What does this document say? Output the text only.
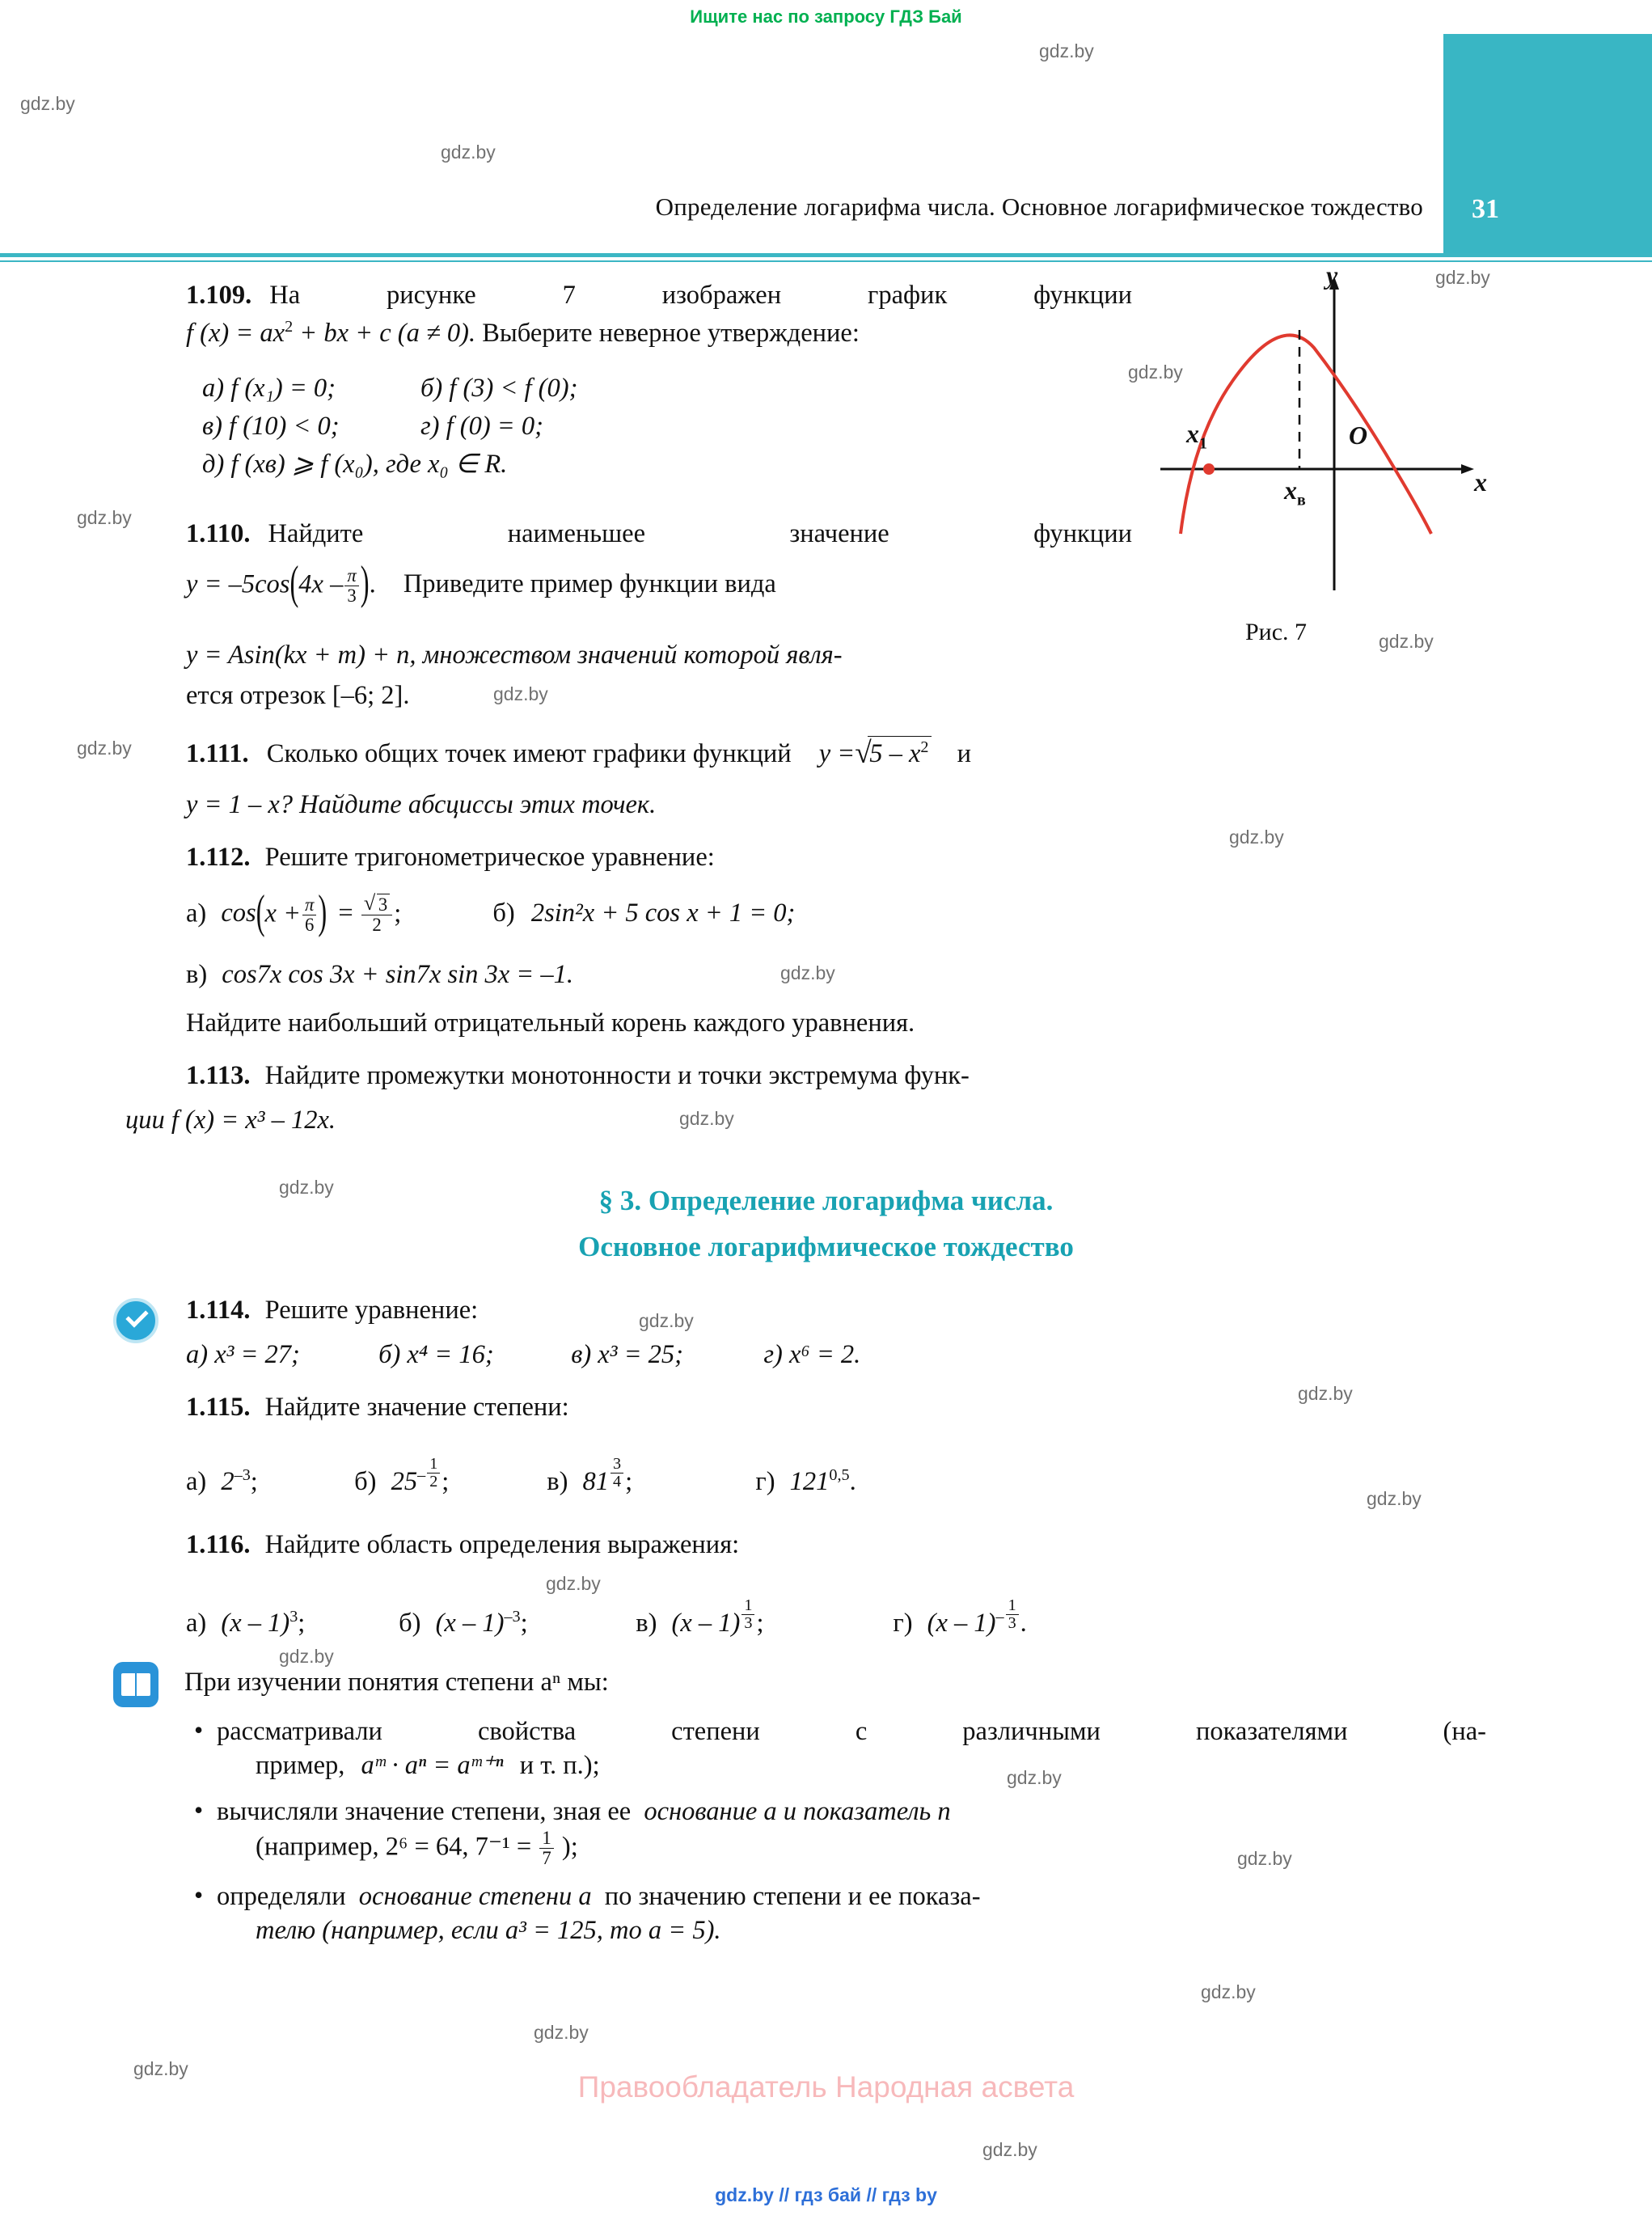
Ищите нас по запросу ГДЗ Бай
31
Определение логарифма числа. Основное логарифмическое тождество
1.109. На рисунке 7 изображен график функции
f $(x) = ax^2$ + bx + c (a ≠ 0). Выберите неверное утверждение:
а) f (x₁) = 0;	б) f (3) < f (0);
в) f (10) < 0;	г) f (0) = 0;
д) f (xв) ⩾ f (x₀), где x₀ ∈ R.
y
x
O
$x_1$
$x_в$
Рис. 7
1.110. Найдите наименьшее значение функции
$y = -5\cos(4x - \frac{\pi}{3}$ ). Приведите пример функции вида
y = Asin(kx + m) + n, множеством значений которой явля-
ется отрезок [–6; 2].
1.111. Сколько общих точек имеют графики функций y = √ $5 - x^2$ и
y = 1 – x? Найдите абсциссы этих точек.
1.112. Решите тригонометрическое уравнение:
а) $\cos(x + \frac{\pi}{6}$ ) = √ $\frac{3}{2}$ ;	б) 2sin²x + 5 cos x + 1 = 0;
в) cos7x cos 3x + sin7x sin 3x = –1.
Найдите наибольший отрицательный корень каждого уравнения.
1.113. Найдите промежутки монотонности и точки экстремума функ-
ции f (x) = x³ – 12x.
§ 3. Определение логарифма числа.
Основное логарифмическое тождество
1.114. Решите уравнение:
а) x³ = 27;	б) x⁴ = 16;	в) x³ = 25;	г) x⁶ = 2.
1.115. Найдите значение степени:
а) $2^{-3}$;	б) $25^{- \frac{1}{2}}$ ;	в) 81 $^{\frac{3}{4}}$ ;	г) 121$^{0,5}$.
1.116. Найдите область определения выражения:
а) (x – 1)$^3$;	б) (x – 1)$^{-3}$;	в) (x – 1) $^{\frac{1}{3}}$ ;	г) (x – 1)$^{- \frac{1}{3}}$ .
При изучении понятия степени aⁿ мы:
• рассматривали свойства степени с различными показателями (на-
пример, aᵐ · aⁿ = aᵐ⁺ⁿ и т. п.);
• вычисляли значение степени, зная ее основание a и показатель n
(например, 2⁶ = 64, $7^{-1} = \frac{1}{7}$ );
• определяли основание степени a по значению степени и ее показа-
телю (например, если a³ = 125, то a = 5).
Правообладатель Народная асвета
gdz.by // гдз бай // гдз by
gdz.by
gdz.by
gdz.by
gdz.by
gdz.by
gdz.by
gdz.by
gdz.by
gdz.by
gdz.by
gdz.by
gdz.by
gdz.by
gdz.by
gdz.by
gdz.by
gdz.by
gdz.by
gdz.by
gdz.by
gdz.by
gdz.by
gdz.by
gdz.by
